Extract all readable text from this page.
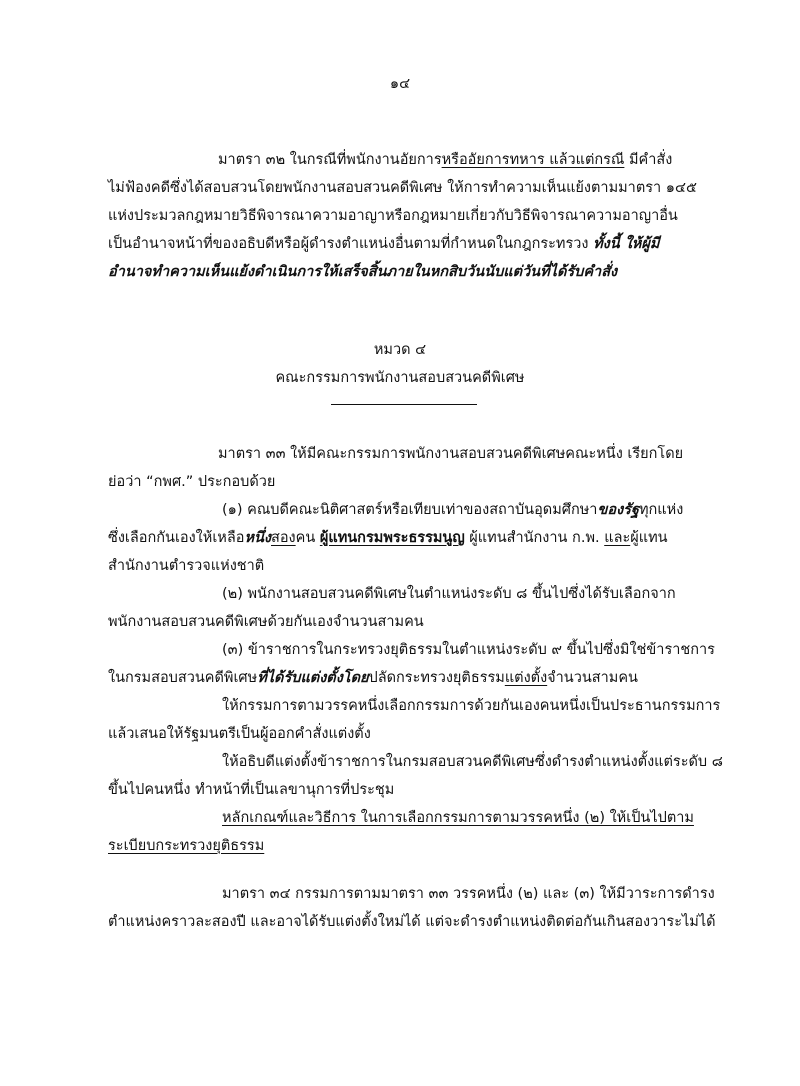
๑๔
มาตรา ๓๒ ในกรณีที่พนักงานอัยการหรืออัยการทหาร แล้วแต่กรณี มีคำสั่ง
ไม่ฟ้องคดีซึ่งได้สอบสวนโดยพนักงานสอบสวนคดีพิเศษ ให้การทำความเห็นแย้งตามมาตรา ๑๔๕
แห่งประมวลกฎหมายวิธีพิจารณาความอาญาหรือกฎหมายเกี่ยวกับวิธีพิจารณาความอาญาอื่น
เป็นอำนาจหน้าที่ของอธิบดีหรือผู้ดำรงตำแหน่งอื่นตามที่กำหนดในกฎกระทรวง ทั้งนี้ ให้ผู้มี
อำนาจทำความเห็นแย้งดำเนินการให้เสร็จสิ้นภายในหกสิบวันนับแต่วันที่ได้รับคำสั่ง
หมวด ๔
คณะกรรมการพนักงานสอบสวนคดีพิเศษ
มาตรา ๓๓ ให้มีคณะกรรมการพนักงานสอบสวนคดีพิเศษคณะหนึ่ง เรียกโดย
ย่อว่า “กพศ.” ประกอบด้วย
(๑) คณบดีคณะนิติศาสตร์หรือเทียบเท่าของสถาบันอุดมศึกษาของรัฐทุกแห่ง
ซึ่งเลือกกันเองให้เหลือหนึ่งสองคน ผู้แทนกรมพระธรรมนูญ ผู้แทนสำนักงาน ก.พ. และผู้แทน
สำนักงานตำรวจแห่งชาติ
(๒) พนักงานสอบสวนคดีพิเศษในตำแหน่งระดับ ๘ ขึ้นไปซึ่งได้รับเลือกจาก
พนักงานสอบสวนคดีพิเศษด้วยกันเองจำนวนสามคน
(๓) ข้าราชการในกระทรวงยุติธรรมในตำแหน่งระดับ ๙ ขึ้นไปซึ่งมิใช่ข้าราชการ
ในกรมสอบสวนคดีพิเศษที่ได้รับแต่งตั้งโดยปลัดกระทรวงยุติธรรมแต่งตั้งจำนวนสามคน
ให้กรรมการตามวรรคหนึ่งเลือกกรรมการด้วยกันเองคนหนึ่งเป็นประธานกรรมการ
แล้วเสนอให้รัฐมนตรีเป็นผู้ออกคำสั่งแต่งตั้ง
ให้อธิบดีแต่งตั้งข้าราชการในกรมสอบสวนคดีพิเศษซึ่งดำรงตำแหน่งตั้งแต่ระดับ ๘
ขึ้นไปคนหนึ่ง ทำหน้าที่เป็นเลขานุการที่ประชุม
หลักเกณฑ์และวิธีการ ในการเลือกกรรมการตามวรรคหนึ่ง (๒) ให้เป็นไปตาม
ระเบียบกระทรวงยุติธรรม
มาตรา ๓๔ กรรมการตามมาตรา ๓๓ วรรคหนึ่ง (๒) และ (๓) ให้มีวาระการดำรง
ตำแหน่งคราวละสองปี และอาจได้รับแต่งตั้งใหม่ได้ แต่จะดำรงตำแหน่งติดต่อกันเกินสองวาระไม่ได้
